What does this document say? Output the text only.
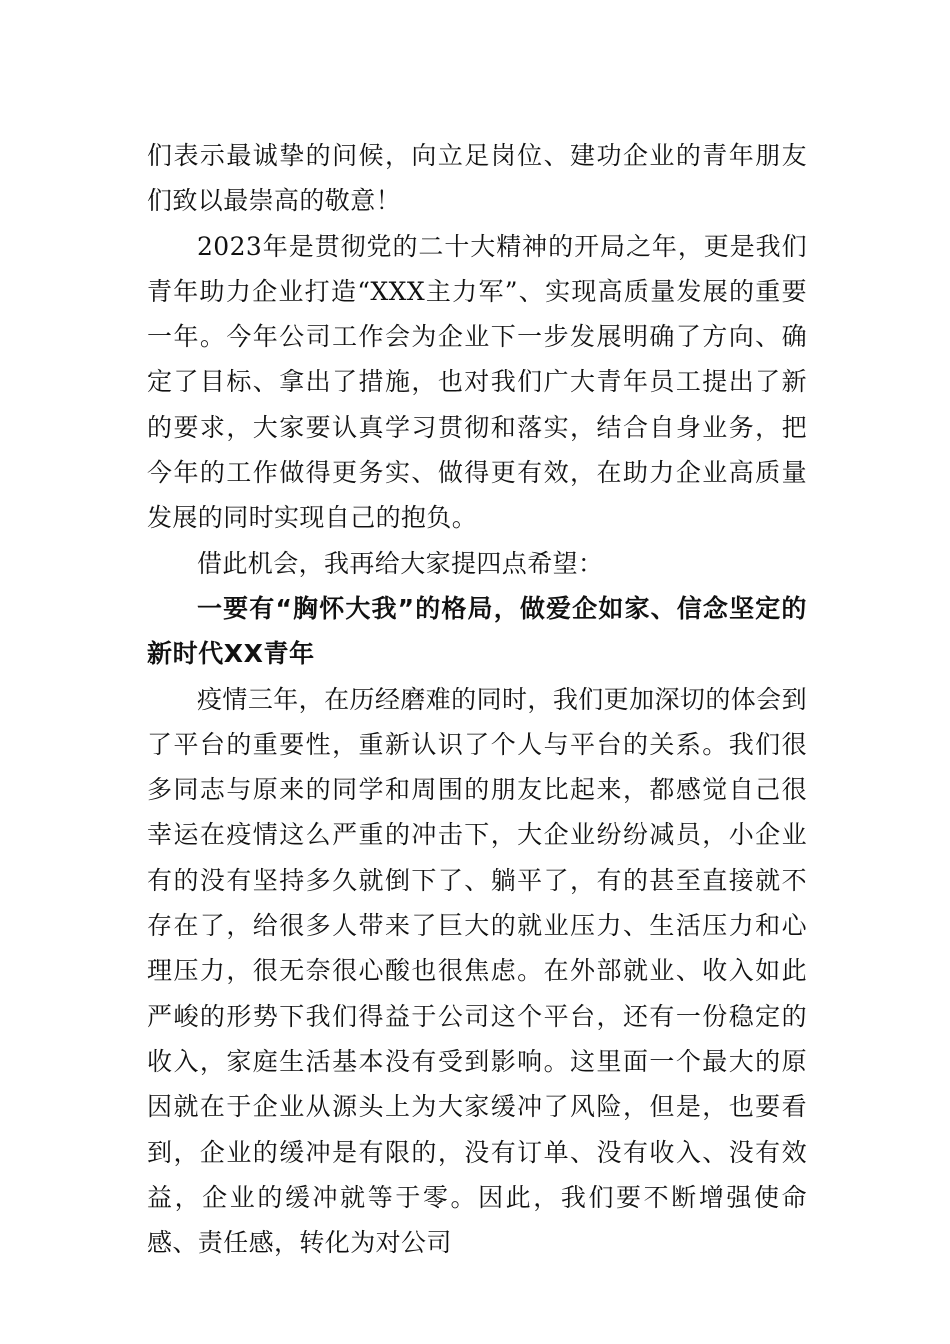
们表示最诚挚的问候，向立足岗位、建功企业的青年朋友们致以最崇高的敬意！

2023年是贯彻党的二十大精神的开局之年，更是我们青年助力企业打造“XXX主力军”、实现高质量发展的重要一年。今年公司工作会为企业下一步发展明确了方向、确定了目标、拿出了措施，也对我们广大青年员工提出了新的要求，大家要认真学习贯彻和落实，结合自身业务，把今年的工作做得更务实、做得更有效，在助力企业高质量发展的同时实现自己的抱负。

借此机会，我再给大家提四点希望：

一要有“胸怀大我”的格局，做爱企如家、信念坚定的新时代XX青年

疫情三年，在历经磨难的同时，我们更加深切的体会到了平台的重要性，重新认识了个人与平台的关系。我们很多同志与原来的同学和周围的朋友比起来，都感觉自己很幸运在疫情这么严重的冲击下，大企业纷纷减员，小企业有的没有坚持多久就倒下了、躺平了，有的甚至直接就不存在了，给很多人带来了巨大的就业压力、生活压力和心理压力，很无奈很心酸也很焦虑。在外部就业、收入如此严峻的形势下我们得益于公司这个平台，还有一份稳定的收入，家庭生活基本没有受到影响。这里面一个最大的原因就在于企业从源头上为大家缓冲了风险，但是，也要看到，企业的缓冲是有限的，没有订单、没有收入、没有效益，企业的缓冲就等于零。因此，我们要不断增强使命感、责任感，转化为对公司
